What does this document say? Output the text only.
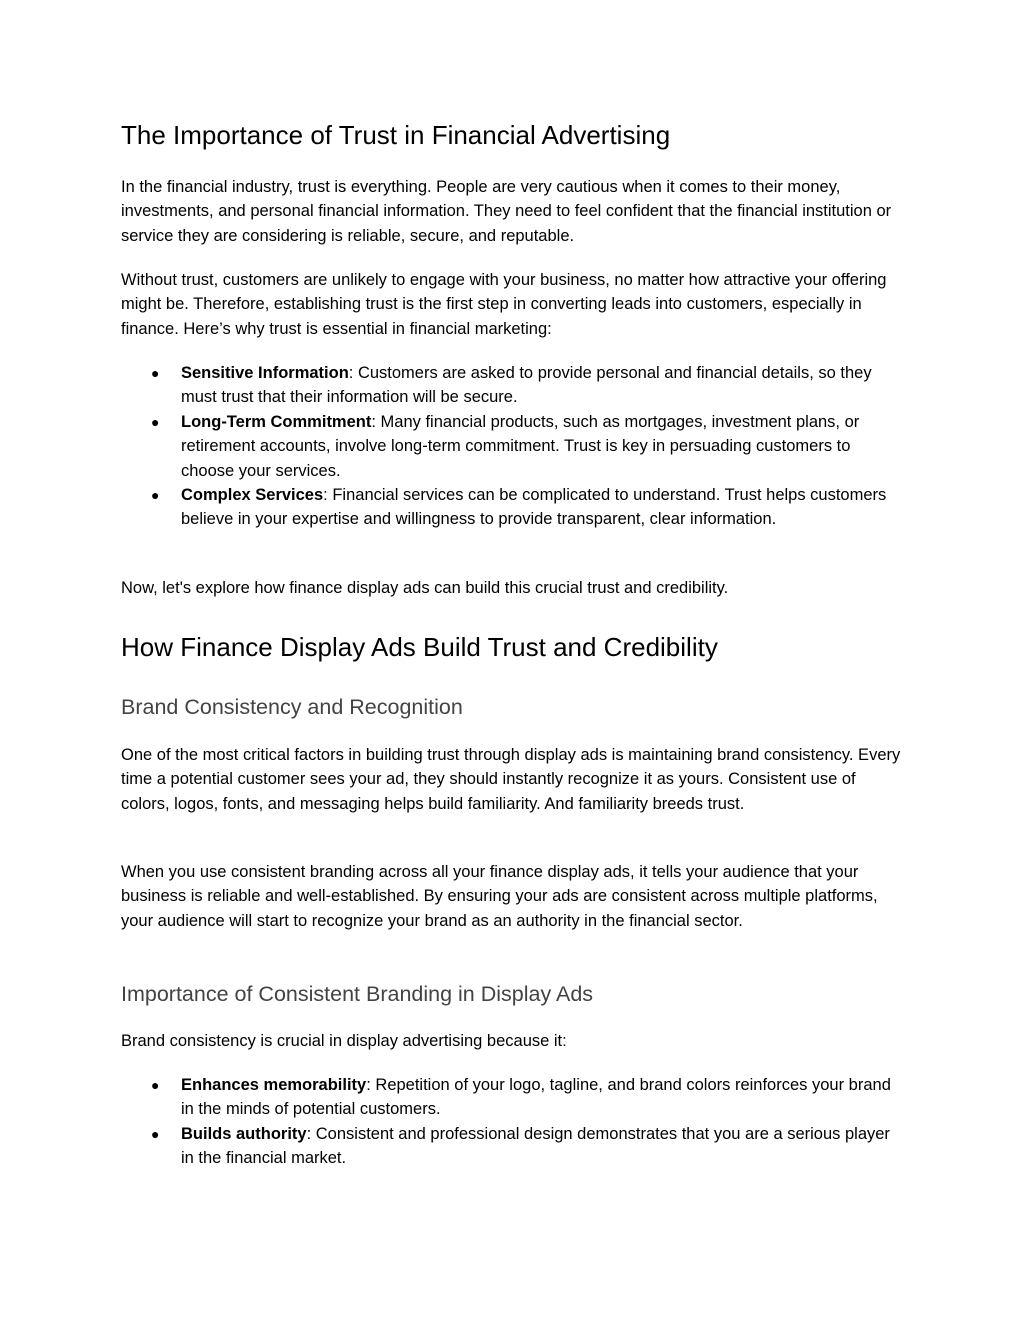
The Importance of Trust in Financial Advertising

In the financial industry, trust is everything. People are very cautious when it comes to their money, investments, and personal financial information. They need to feel confident that the financial institution or service they are considering is reliable, secure, and reputable.

Without trust, customers are unlikely to engage with your business, no matter how attractive your offering might be. Therefore, establishing trust is the first step in converting leads into customers, especially in finance. Here’s why trust is essential in financial marketing:

● Sensitive Information: Customers are asked to provide personal and financial details, so they must trust that their information will be secure.
● Long-Term Commitment: Many financial products, such as mortgages, investment plans, or retirement accounts, involve long-term commitment. Trust is key in persuading customers to choose your services.
● Complex Services: Financial services can be complicated to understand. Trust helps customers believe in your expertise and willingness to provide transparent, clear information.

Now, let's explore how finance display ads can build this crucial trust and credibility.

How Finance Display Ads Build Trust and Credibility
Brand Consistency and Recognition

One of the most critical factors in building trust through display ads is maintaining brand consistency. Every time a potential customer sees your ad, they should instantly recognize it as yours. Consistent use of colors, logos, fonts, and messaging helps build familiarity. And familiarity breeds trust.

When you use consistent branding across all your finance display ads, it tells your audience that your business is reliable and well-established. By ensuring your ads are consistent across multiple platforms, your audience will start to recognize your brand as an authority in the financial sector.

Importance of Consistent Branding in Display Ads

Brand consistency is crucial in display advertising because it:

● Enhances memorability: Repetition of your logo, tagline, and brand colors reinforces your brand in the minds of potential customers.
● Builds authority: Consistent and professional design demonstrates that you are a serious player in the financial market.
